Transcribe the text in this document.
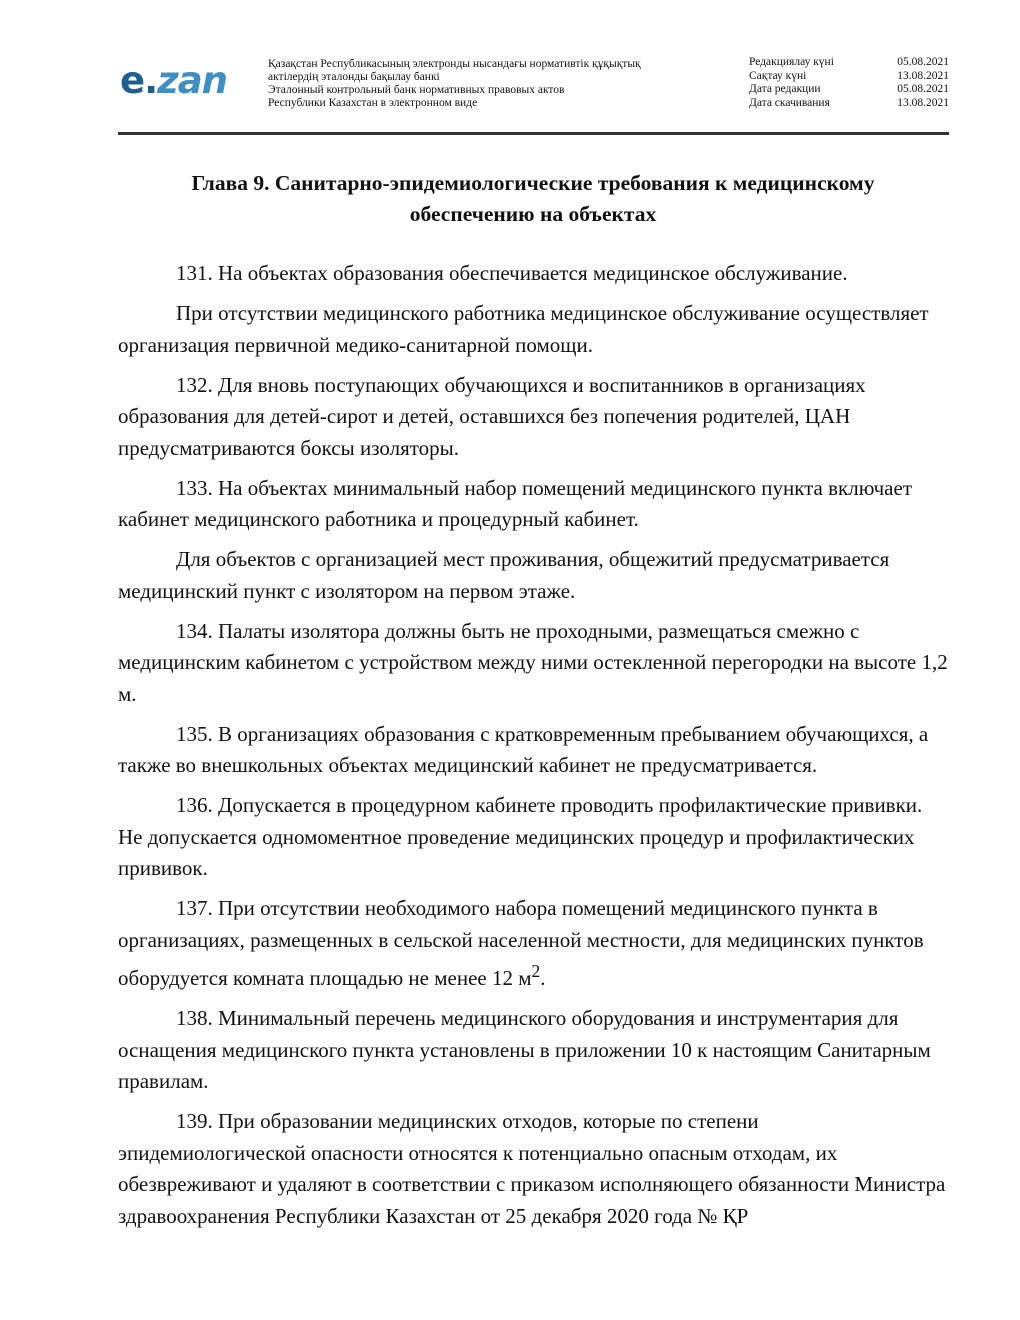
e.zan	Қазақстан Республикасының электронды нысандағы нормативтік құқықтық
актілердің эталонды бақылау банкі
Эталонный контрольный банк нормативных правовых актов
Республики Казахстан в электронном виде
Редакциялау күні	05.08.2021
Сақтау күні	13.08.2021
Дата редакции	05.08.2021
Дата скачивания	13.08.2021
Глава 9. Санитарно-эпидемиологические требования к медицинскому
обеспечению на объектах

131. На объектах образования обеспечивается медицинское обслуживание.

При отсутствии медицинского работника медицинское обслуживание осуществляет организация первичной медико-санитарной помощи.

132. Для вновь поступающих обучающихся и воспитанников в организациях образования для детей-сирот и детей, оставшихся без попечения родителей, ЦАН предусматриваются боксы изоляторы.

133. На объектах минимальный набор помещений медицинского пункта включает кабинет медицинского работника и процедурный кабинет.

Для объектов с организацией мест проживания, общежитий предусматривается медицинский пункт с изолятором на первом этаже.

134. Палаты изолятора должны быть не проходными, размещаться смежно с медицинским кабинетом с устройством между ними остекленной перегородки на высоте 1,2 м.

135. В организациях образования с кратковременным пребыванием обучающихся, а также во внешкольных объектах медицинский кабинет не предусматривается.

136. Допускается в процедурном кабинете проводить профилактические прививки. Не допускается одномоментное проведение медицинских процедур и профилактических прививок.

137. При отсутствии необходимого набора помещений медицинского пункта в организациях, размещенных в сельской населенной местности, для медицинских пунктов оборудуется комната площадью не менее 12 $м^2$.

138. Минимальный перечень медицинского оборудования и инструментария для оснащения медицинского пункта установлены в приложении 10 к настоящим Санитарным правилам.

139. При образовании медицинских отходов, которые по степени эпидемиологической опасности относятся к потенциально опасным отходам, их обезвреживают и удаляют в соответствии с приказом исполняющего обязанности Министра здравоохранения Республики Казахстан от 25 декабря 2020 года № ҚР
